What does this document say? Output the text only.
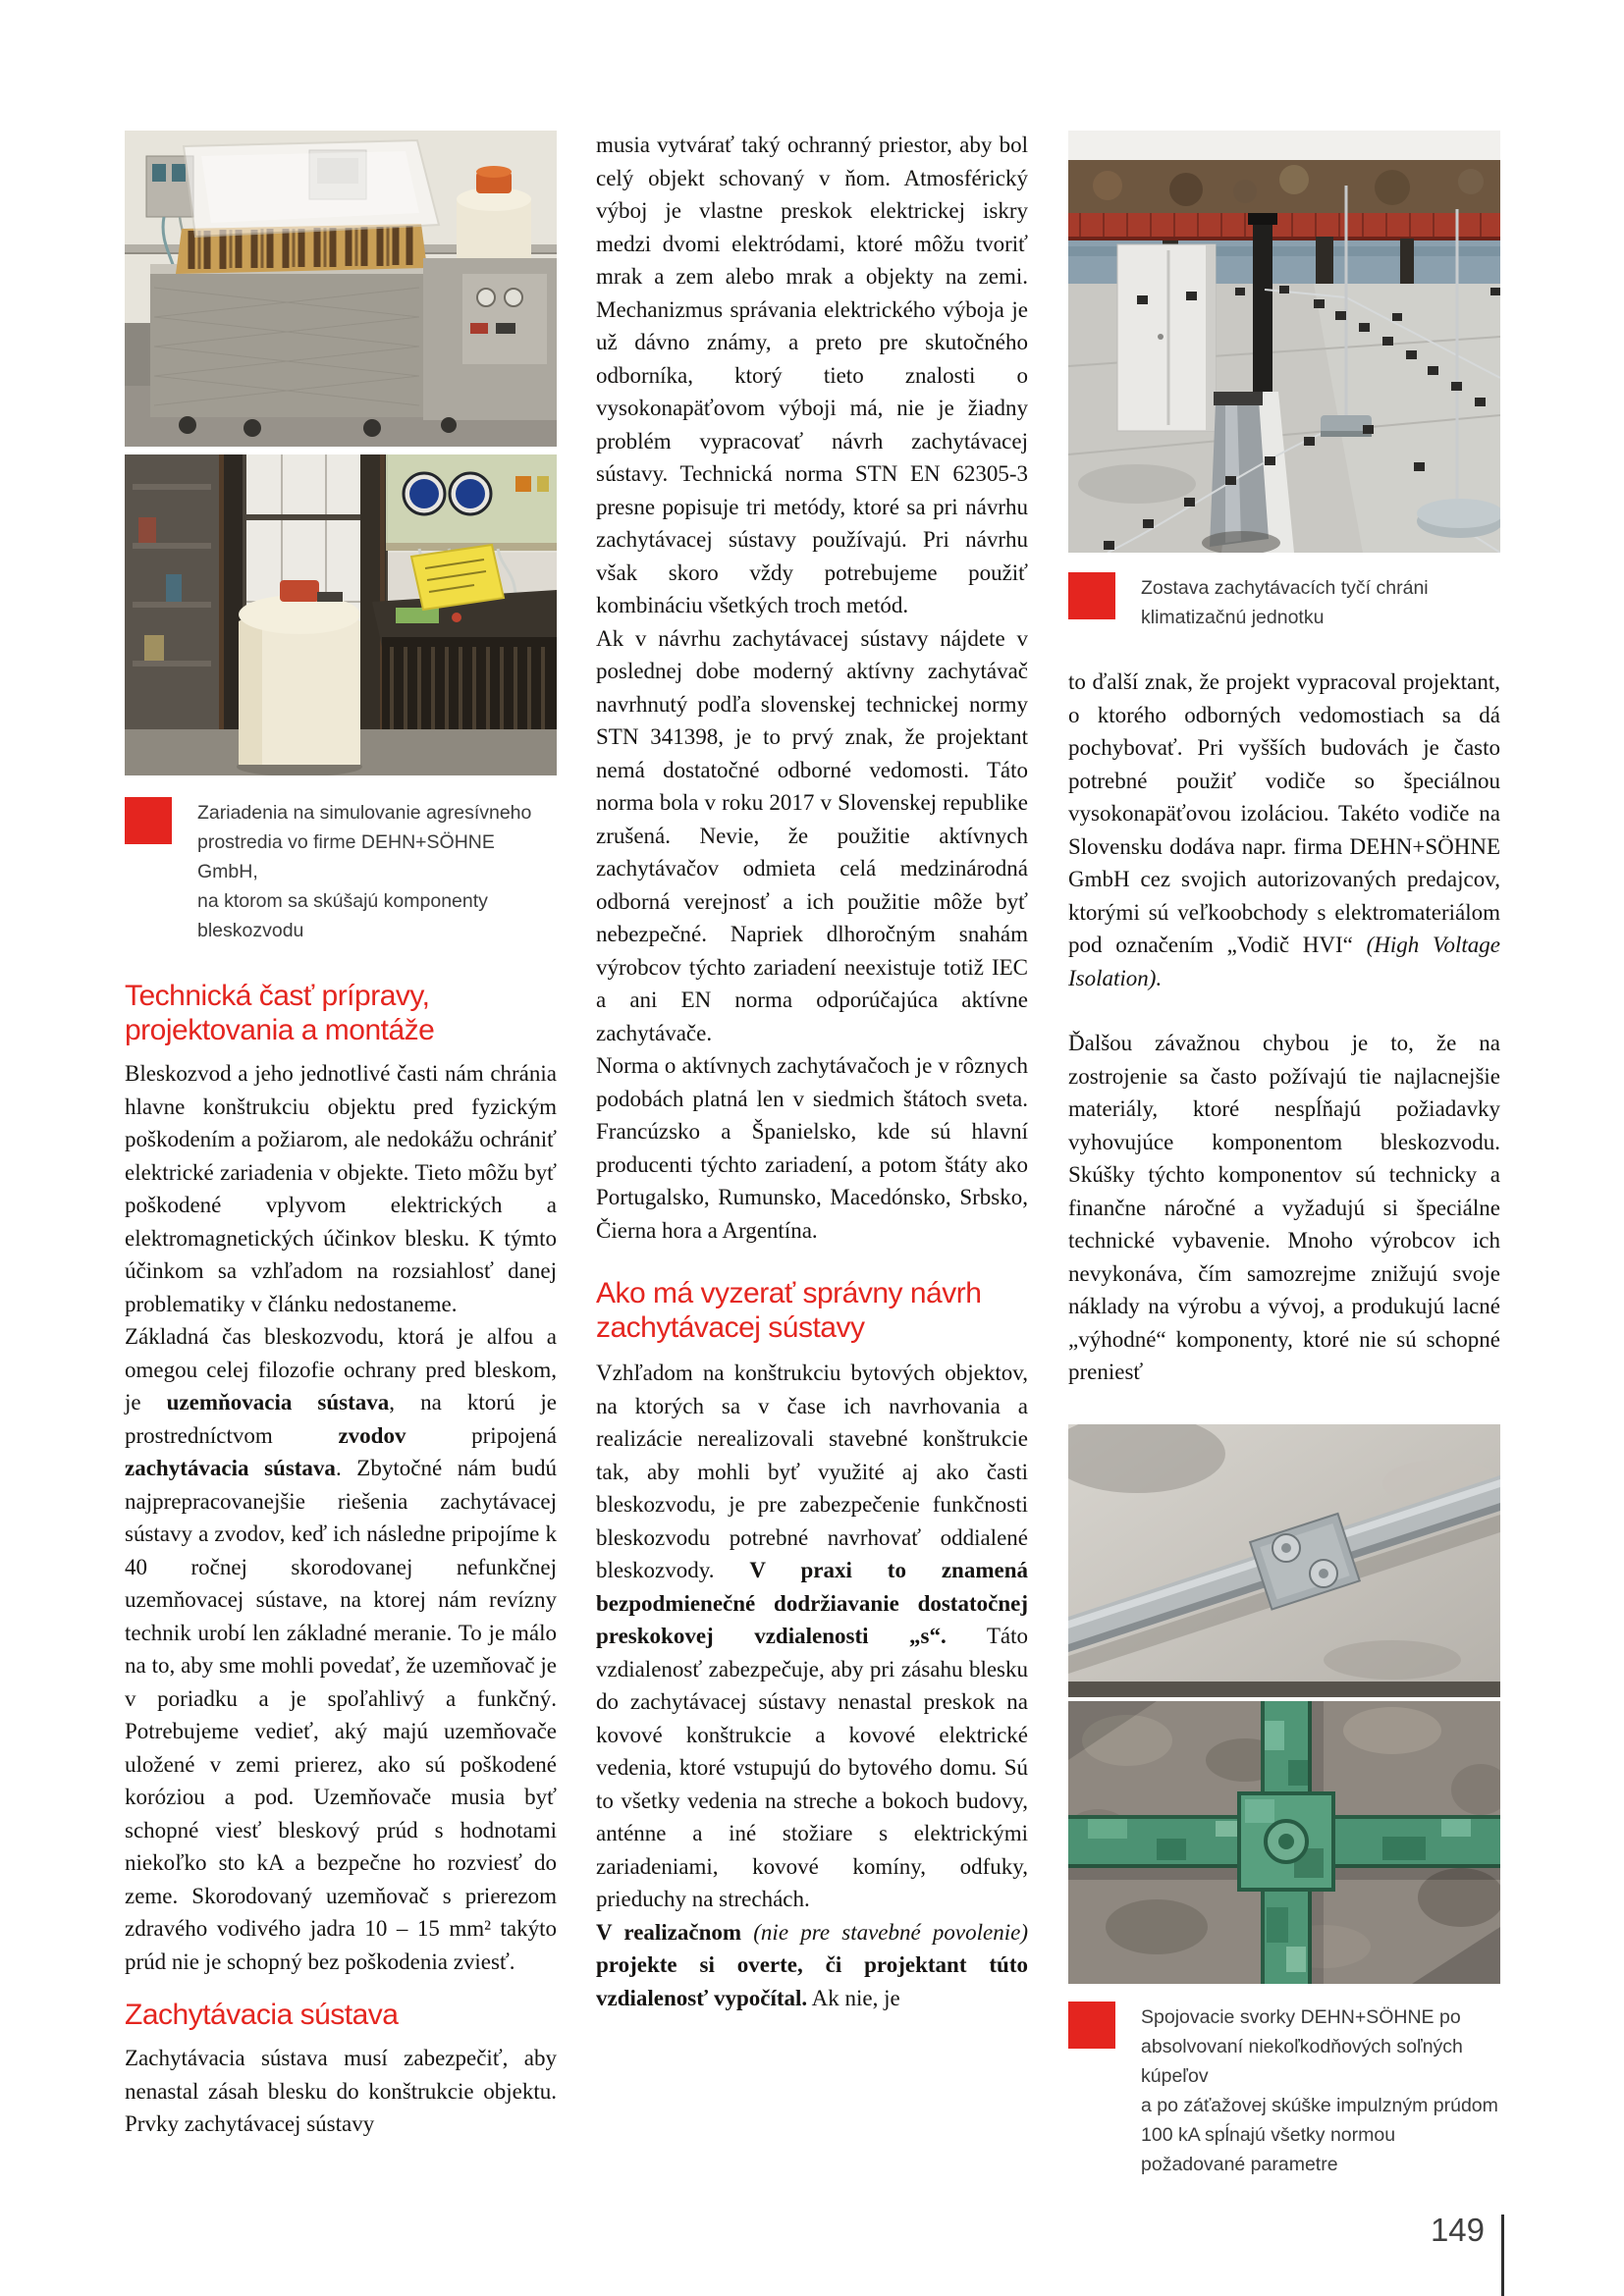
Zariadenia na simulovanie agresívneho
prostredia vo firme DEHN+SÖHNE GmbH,
na ktorom sa skúšajú komponenty bleskozvodu
Technická časť prípravy,
projektovania a montáže

Bleskozvod a jeho jednotlivé časti nám chránia hlavne konštrukciu objektu pred fyzickým poškodením a požiarom, ale nedokážu ochrániť elektrické zariadenia v objekte. Tieto môžu byť poškodené vplyvom elektrických a elektromagnetických účinkov blesku. K týmto účinkom sa vzhľadom na rozsiahlosť danej problematiky v článku nedostaneme.

Základná čas bleskozvodu, ktorá je alfou a omegou celej filozofie ochrany pred bleskom, je uzemňovacia sústava, na ktorú je prostredníctvom zvodov pripojená zachytávacia sústava. Zbytočné nám budú najprepracovanejšie riešenia zachytávacej sústavy a zvodov, keď ich následne pripojíme k 40 ročnej skorodovanej nefunkčnej uzemňovacej sústave, na ktorej nám revízny technik urobí len základné meranie. To je málo na to, aby sme mohli povedať, že uzemňovač je v poriadku a je spoľahlivý a funkčný. Potrebujeme vedieť, aký majú uzemňovače uložené v zemi prierez, ako sú poškodené koróziou a pod. Uzemňovače musia byť schopné viesť bleskový prúd s hodnotami niekoľko sto kA a bezpečne ho rozviesť do zeme. Skorodovaný uzemňovač s prierezom zdravého vodivého jadra 10 – 15 mm² takýto prúd nie je schopný bez poškodenia zviesť.

Zachytávacia sústava

Zachytávacia sústava musí zabezpečiť, aby nenastal zásah blesku do konštrukcie objektu. Prvky zachytávacej sústavy

musia vytvárať taký ochranný priestor, aby bol celý objekt schovaný v ňom. Atmosférický výboj je vlastne preskok elektrickej iskry medzi dvomi elektródami, ktoré môžu tvoriť mrak a zem alebo mrak a objekty na zemi. Mechanizmus správania elektrického výboja je už dávno známy, a preto pre skutočného odborníka, ktorý tieto znalosti o vysokonapäťovom výboji má, nie je žiadny problém vypracovať návrh zachytávacej sústavy. Technická norma STN EN 62305-3 presne popisuje tri metódy, ktoré sa pri návrhu zachytávacej sústavy používajú. Pri návrhu však skoro vždy potrebujeme použiť kombináciu všetkých troch metód.

Ak v návrhu zachytávacej sústavy nájdete v poslednej dobe moderný aktívny zachytávač navrhnutý podľa slovenskej technickej normy STN 341398, je to prvý znak, že projektant nemá dostatočné odborné vedomosti. Táto norma bola v roku 2017 v Slovenskej republike zrušená. Nevie, že použitie aktívnych zachytávačov odmieta celá medzinárodná odborná verejnosť a ich použitie môže byť nebezpečné. Napriek dlhoročným snahám výrobcov týchto zariadení neexistuje totiž IEC a ani EN norma odporúčajúca aktívne zachytávače.

Norma o aktívnych zachytávačoch je v rôznych podobách platná len v siedmich štátoch sveta. Francúzsko a Španielsko, kde sú hlavní producenti týchto zariadení, a potom štáty ako Portugalsko, Rumunsko, Macedónsko, Srbsko, Čierna hora a Argentína.

Ako má vyzerať správny návrh
zachytávacej sústavy

Vzhľadom na konštrukciu bytových objektov, na ktorých sa v čase ich navrhovania a realizácie nerealizovali stavebné konštrukcie tak, aby mohli byť využité aj ako časti bleskozvodu, je pre zabezpečenie funkčnosti bleskozvodu potrebné navrhovať oddialené bleskozvody. V praxi to znamená bezpodmienečné dodržiavanie dostatočnej preskokovej vzdialenosti „s“. Táto vzdialenosť zabezpečuje, aby pri zásahu blesku do zachytávacej sústavy nenastal preskok na kovové konštrukcie a kovové elektrické vedenia, ktoré vstupujú do bytového domu. Sú to všetky vedenia na streche a bokoch budovy, anténne a iné stožiare s elektrickými zariadeniami, kovové komíny, odfuky, prieduchy na strechách.

V realizačnom (nie pre stavebné povolenie) projekte si overte, či projektant túto vzdialenosť vypočítal. Ak nie, je

Zostava zachytávacích tyčí chráni
klimatizačnú jednotku

to ďalší znak, že projekt vypracoval projektant, o ktorého odborných vedomostiach sa dá pochybovať. Pri vyšších budovách je často potrebné použiť vodiče so špeciálnou vysokonapäťovou izoláciou. Takéto vodiče na Slovensku dodáva napr. firma DEHN+SÖHNE GmbH cez svojich autorizovaných predajcov, ktorými sú veľkoobchody s elektromateriálom pod označením „Vodič HVI“ (High Voltage Isolation).

Ďalšou závažnou chybou je to, že na zostrojenie sa často požívajú tie najlacnejšie materiály, ktoré nespĺňajú požiadavky vyhovujúce komponentom bleskozvodu. Skúšky týchto komponentov sú technicky a finančne náročné a vyžadujú si špeciálne technické vybavenie. Mnoho výrobcov ich nevykonáva, čím samozrejme znižujú svoje náklady na výrobu a vývoj, a produkujú lacné „výhodné“ komponenty, ktoré nie sú schopné preniesť

Spojovacie svorky DEHN+SÖHNE po
absolvovaní niekoľkodňových soľných kúpeľov
a po záťažovej skúške impulzným prúdom
100 kA spĺnajú všetky normou
požadované parametre
149
